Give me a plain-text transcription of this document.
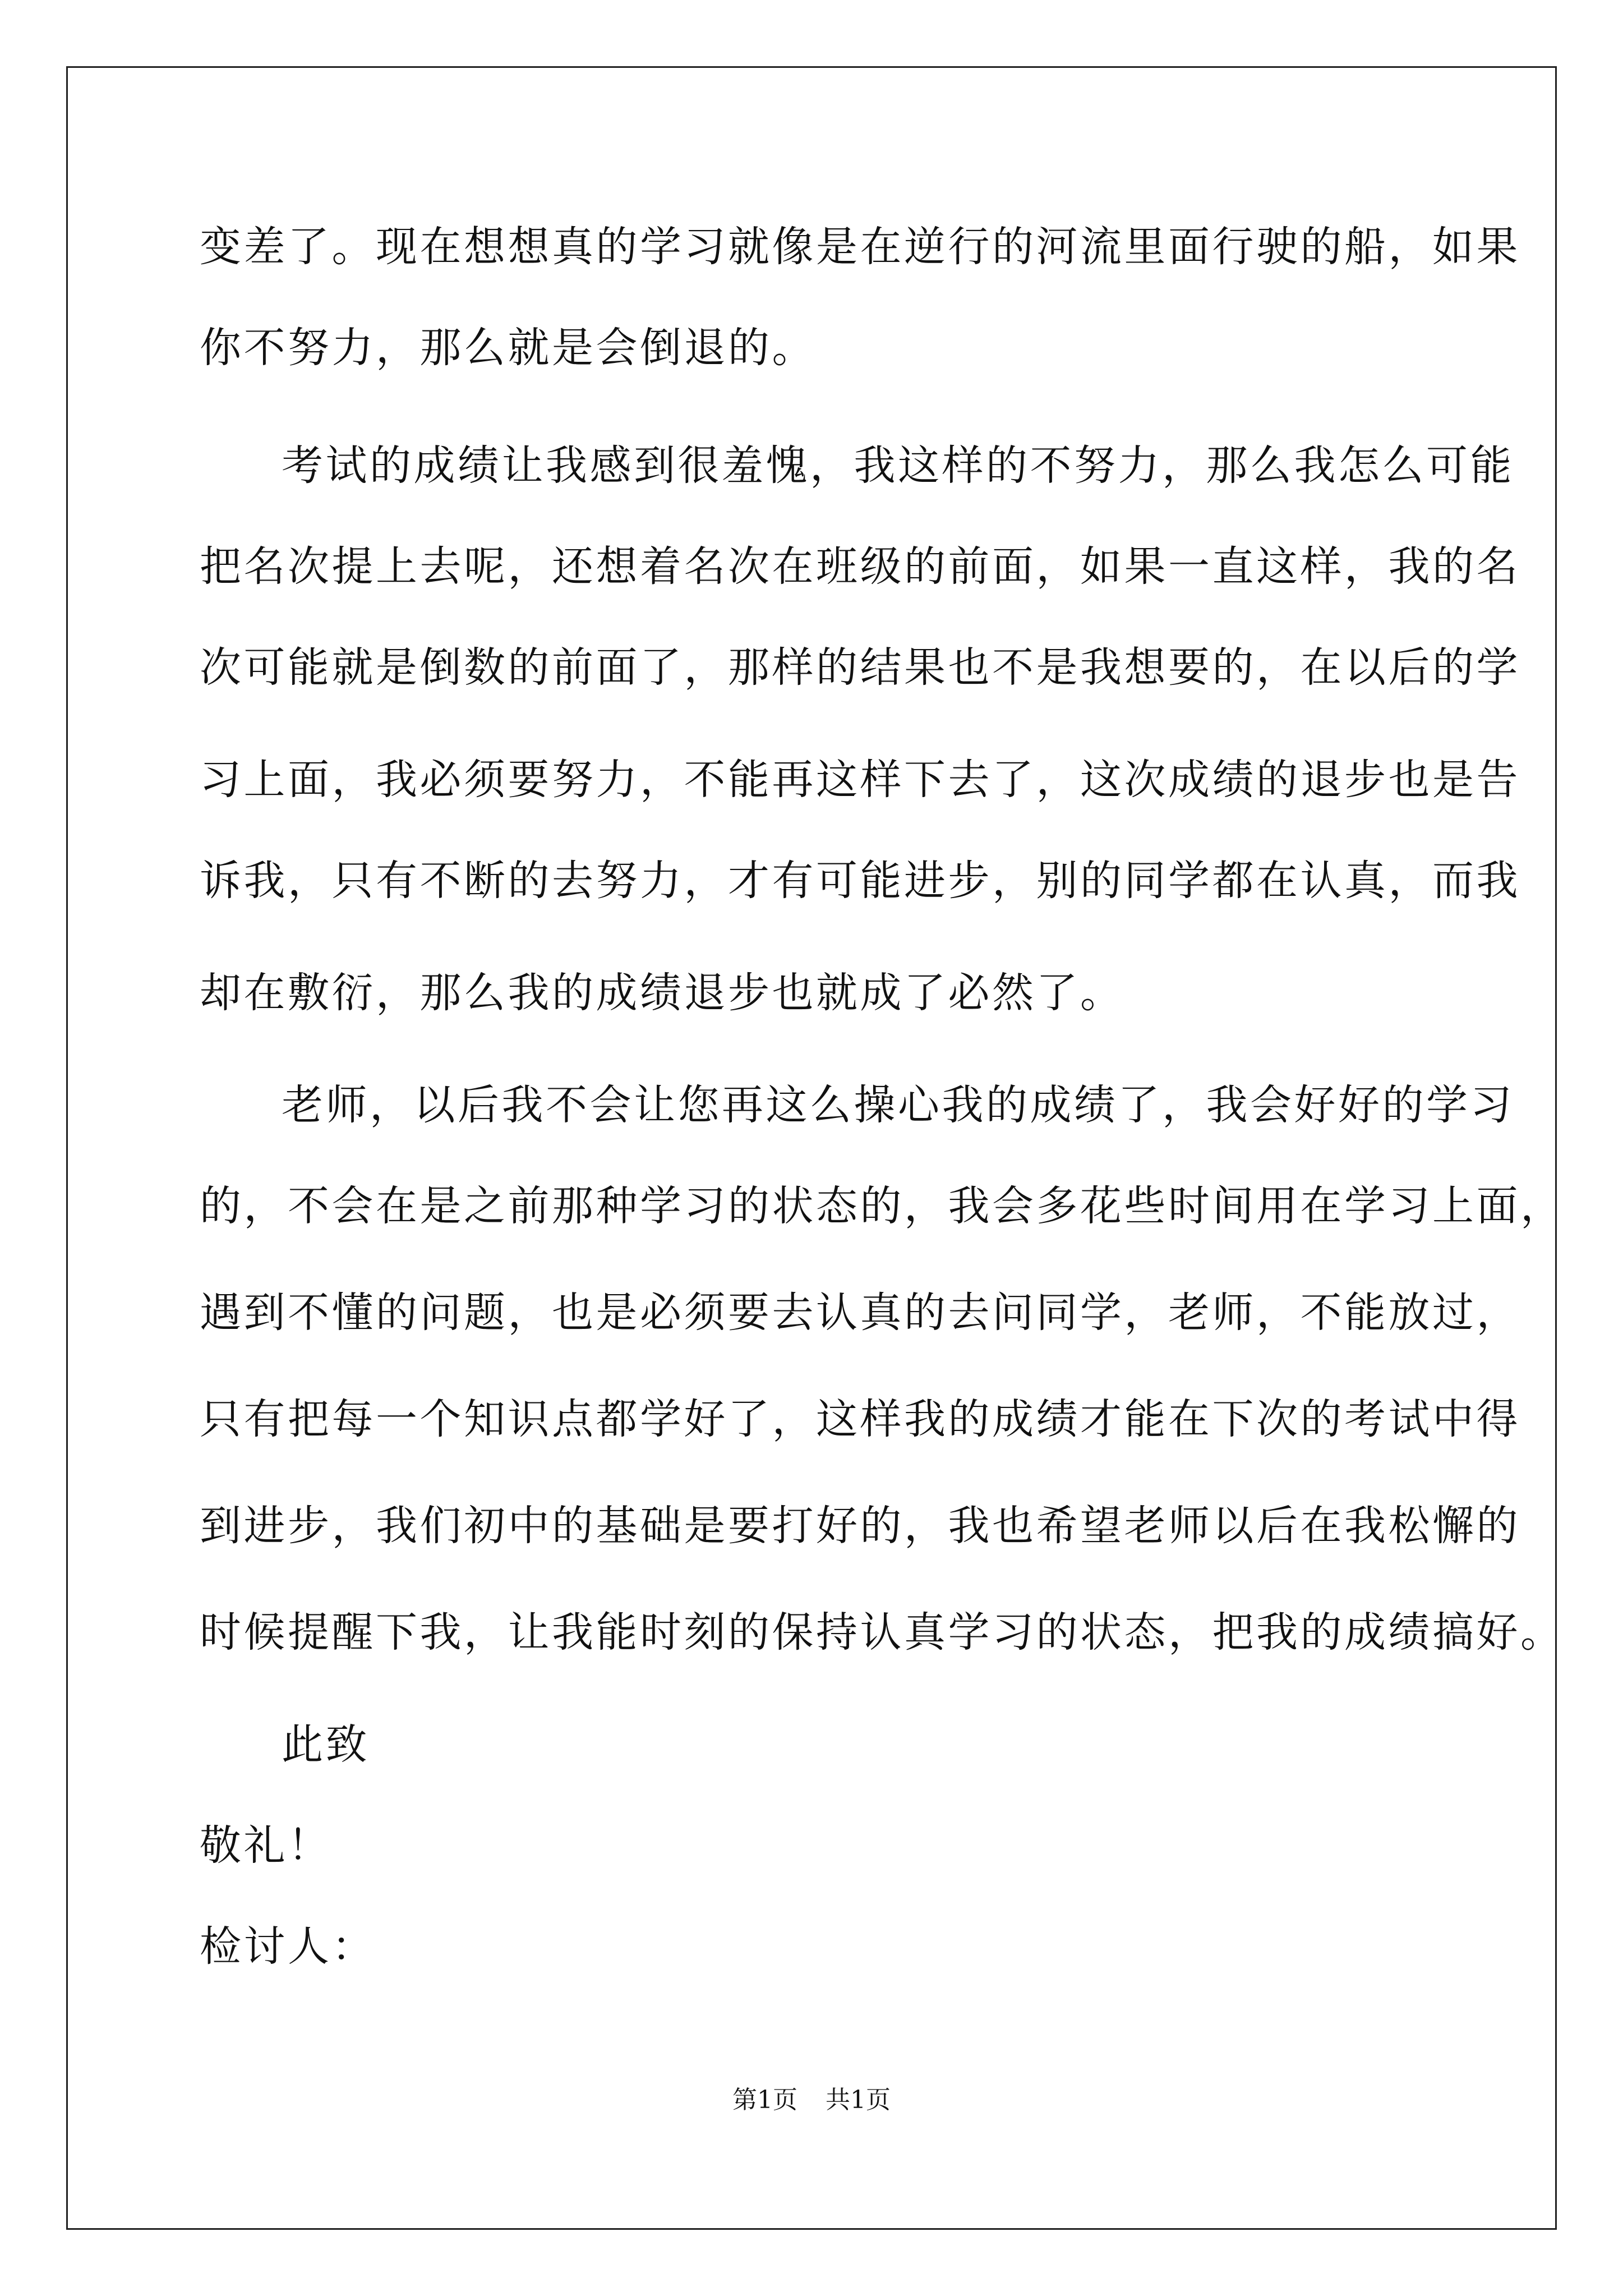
变差了。现在想想真的学习就像是在逆行的河流里面行驶的船，如果
你不努力，那么就是会倒退的。
考试的成绩让我感到很羞愧，我这样的不努力，那么我怎么可能
把名次提上去呢，还想着名次在班级的前面，如果一直这样，我的名
次可能就是倒数的前面了，那样的结果也不是我想要的，在以后的学
习上面，我必须要努力，不能再这样下去了，这次成绩的退步也是告
诉我，只有不断的去努力，才有可能进步，别的同学都在认真，而我
却在敷衍，那么我的成绩退步也就成了必然了。
老师，以后我不会让您再这么操心我的成绩了，我会好好的学习
的，不会在是之前那种学习的状态的，我会多花些时间用在学习上面，
遇到不懂的问题，也是必须要去认真的去问同学，老师，不能放过，
只有把每一个知识点都学好了，这样我的成绩才能在下次的考试中得
到进步，我们初中的基础是要打好的，我也希望老师以后在我松懈的
时候提醒下我，让我能时刻的保持认真学习的状态，把我的成绩搞好。
此致
敬礼！
检讨人：
第1页 共1页
